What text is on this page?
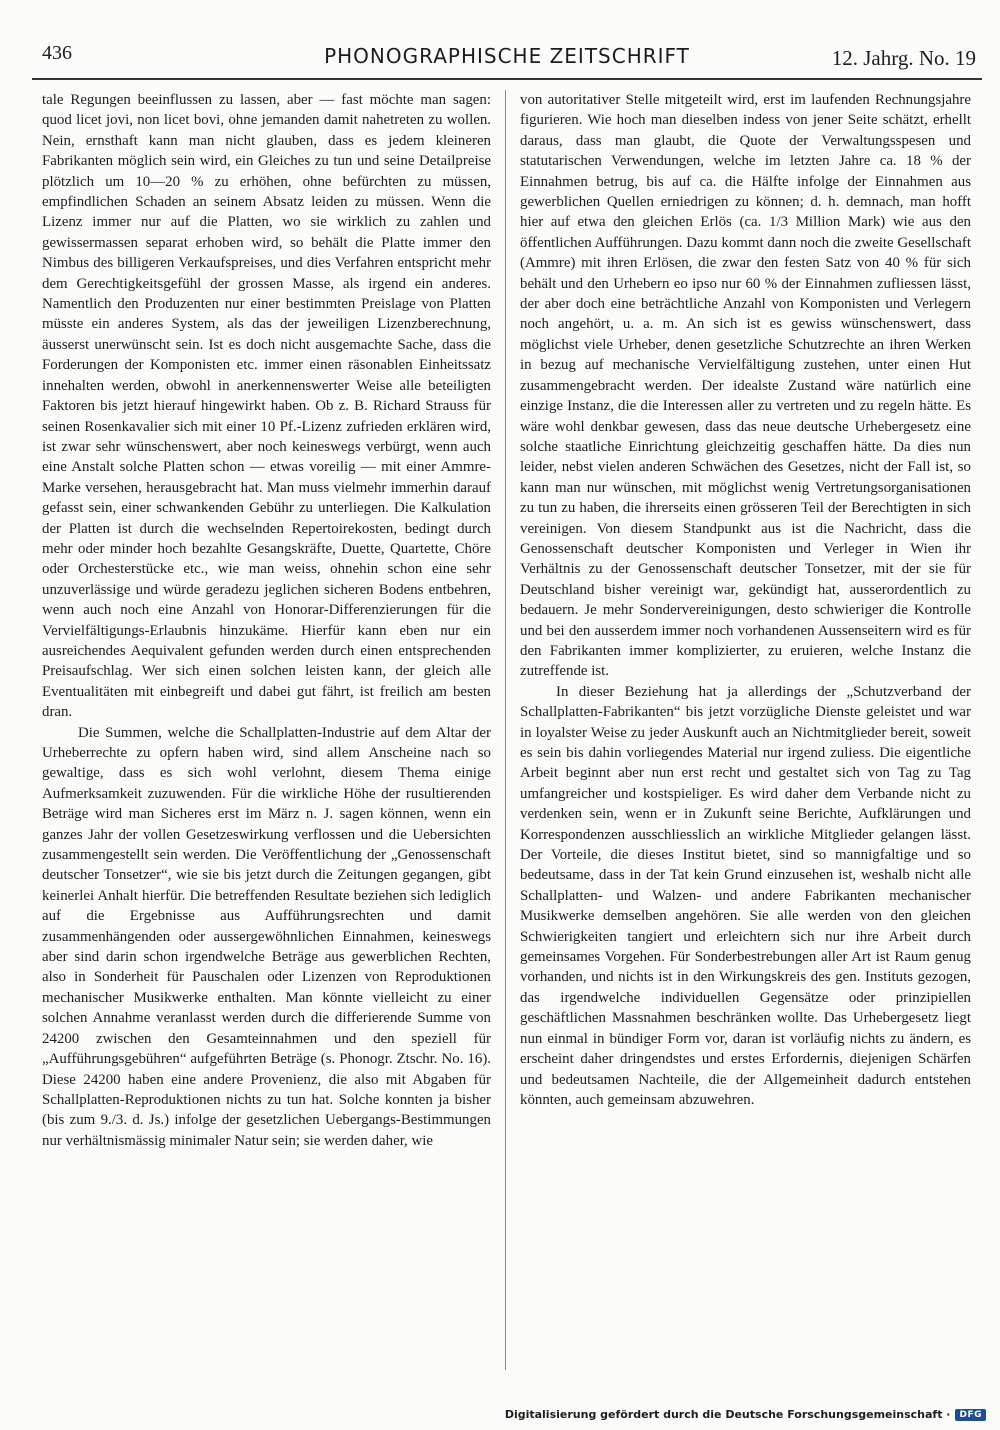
436	PHONOGRAPHISCHE ZEITSCHRIFT	12. Jahrg. No. 19

tale Regungen beeinflussen zu lassen, aber — fast möchte man sagen: quod licet jovi, non licet bovi, ohne jemanden damit nahetreten zu wollen. Nein, ernsthaft kann man nicht glauben, dass es jedem kleineren Fabrikanten möglich sein wird, ein Gleiches zu tun und seine Detailpreise plötzlich um 10—20 % zu erhöhen, ohne befürchten zu müssen, empfindlichen Schaden an seinem Absatz leiden zu müssen. Wenn die Lizenz immer nur auf die Platten, wo sie wirklich zu zahlen und gewissermassen separat erhoben wird, so behält die Platte immer den Nimbus des billigeren Verkaufspreises, und dies Verfahren entspricht mehr dem Gerechtigkeitsgefühl der grossen Masse, als irgend ein anderes. Namentlich den Produzenten nur einer bestimmten Preislage von Platten müsste ein anderes System, als das der jeweiligen Lizenzberechnung, äusserst unerwünscht sein. Ist es doch nicht ausgemachte Sache, dass die Forderungen der Komponisten etc. immer einen räsonablen Einheitssatz innehalten werden, obwohl in anerkennenswerter Weise alle beteiligten Faktoren bis jetzt hierauf hingewirkt haben. Ob z. B. Richard Strauss für seinen Rosenkavalier sich mit einer 10 Pf.-Lizenz zufrieden erklären wird, ist zwar sehr wünschenswert, aber noch keineswegs verbürgt, wenn auch eine Anstalt solche Platten schon — etwas voreilig — mit einer Ammre-Marke versehen, herausgebracht hat. Man muss vielmehr immerhin darauf gefasst sein, einer schwankenden Gebühr zu unterliegen. Die Kalkulation der Platten ist durch die wechselnden Repertoirekosten, bedingt durch mehr oder minder hoch bezahlte Gesangskräfte, Duette, Quartette, Chöre oder Orchesterstücke etc., wie man weiss, ohnehin schon eine sehr unzuverlässige und würde geradezu jeglichen sicheren Bodens entbehren, wenn auch noch eine Anzahl von Honorar-Differenzierungen für die Vervielfältigungs-Erlaubnis hinzukäme. Hierfür kann eben nur ein ausreichendes Aequivalent gefunden werden durch einen entsprechenden Preisaufschlag. Wer sich einen solchen leisten kann, der gleich alle Eventualitäten mit einbegreift und dabei gut fährt, ist freilich am besten dran.

Die Summen, welche die Schallplatten-Industrie auf dem Altar der Urheberrechte zu opfern haben wird, sind allem Anscheine nach so gewaltige, dass es sich wohl verlohnt, diesem Thema einige Aufmerksamkeit zuzuwenden. Für die wirkliche Höhe der rusultierenden Beträge wird man Sicheres erst im März n. J. sagen können, wenn ein ganzes Jahr der vollen Gesetzeswirkung verflossen und die Uebersichten zusammengestellt sein werden. Die Veröffentlichung der „Genossenschaft deutscher Tonsetzer“, wie sie bis jetzt durch die Zeitungen gegangen, gibt keinerlei Anhalt hierfür. Die betreffenden Resultate beziehen sich lediglich auf die Ergebnisse aus Aufführungsrechten und damit zusammenhängenden oder aussergewöhnlichen Einnahmen, keineswegs aber sind darin schon irgendwelche Beträge aus gewerblichen Rechten, also in Sonderheit für Pauschalen oder Lizenzen von Reproduktionen mechanischer Musikwerke enthalten. Man könnte vielleicht zu einer solchen Annahme veranlasst werden durch die differierende Summe von 24200 zwischen den Gesamteinnahmen und den speziell für „Aufführungsgebühren“ aufgeführten Beträge (s. Phonogr. Ztschr. No. 16). Diese 24200 haben eine andere Provenienz, die also mit Abgaben für Schallplatten-Reproduktionen nichts zu tun hat. Solche konnten ja bisher (bis zum 9./3. d. Js.) infolge der gesetzlichen Uebergangs-Bestimmungen nur verhältnismässig minimaler Natur sein; sie werden daher, wie

von autoritativer Stelle mitgeteilt wird, erst im laufenden Rechnungsjahre figurieren. Wie hoch man dieselben indess von jener Seite schätzt, erhellt daraus, dass man glaubt, die Quote der Verwaltungsspesen und statutarischen Verwendungen, welche im letzten Jahre ca. 18 % der Einnahmen betrug, bis auf ca. die Hälfte infolge der Einnahmen aus gewerblichen Quellen erniedrigen zu können; d. h. demnach, man hofft hier auf etwa den gleichen Erlös (ca. 1/3 Million Mark) wie aus den öffentlichen Aufführungen. Dazu kommt dann noch die zweite Gesellschaft (Ammre) mit ihren Erlösen, die zwar den festen Satz von 40 % für sich behält und den Urhebern eo ipso nur 60 % der Einnahmen zufliessen lässt, der aber doch eine beträchtliche Anzahl von Komponisten und Verlegern noch angehört, u. a. m. An sich ist es gewiss wünschenswert, dass möglichst viele Urheber, denen gesetzliche Schutzrechte an ihren Werken in bezug auf mechanische Vervielfältigung zustehen, unter einen Hut zusammengebracht werden. Der idealste Zustand wäre natürlich eine einzige Instanz, die die Interessen aller zu vertreten und zu regeln hätte. Es wäre wohl denkbar gewesen, dass das neue deutsche Urhebergesetz eine solche staatliche Einrichtung gleichzeitig geschaffen hätte. Da dies nun leider, nebst vielen anderen Schwächen des Gesetzes, nicht der Fall ist, so kann man nur wünschen, mit möglichst wenig Vertretungsorganisationen zu tun zu haben, die ihrerseits einen grösseren Teil der Berechtigten in sich vereinigen. Von diesem Standpunkt aus ist die Nachricht, dass die Genossenschaft deutscher Komponisten und Verleger in Wien ihr Verhältnis zu der Genossenschaft deutscher Tonsetzer, mit der sie für Deutschland bisher vereinigt war, gekündigt hat, ausserordentlich zu bedauern. Je mehr Sondervereinigungen, desto schwieriger die Kontrolle und bei den ausserdem immer noch vorhandenen Aussenseitern wird es für den Fabrikanten immer komplizierter, zu eruieren, welche Instanz die zutreffende ist.

In dieser Beziehung hat ja allerdings der „Schutzverband der Schallplatten-Fabrikanten“ bis jetzt vorzügliche Dienste geleistet und war in loyalster Weise zu jeder Auskunft auch an Nichtmitglieder bereit, soweit es sein bis dahin vorliegendes Material nur irgend zuliess. Die eigentliche Arbeit beginnt aber nun erst recht und gestaltet sich von Tag zu Tag umfangreicher und kostspieliger. Es wird daher dem Verbande nicht zu verdenken sein, wenn er in Zukunft seine Berichte, Aufklärungen und Korrespondenzen ausschliesslich an wirkliche Mitglieder gelangen lässt. Der Vorteile, die dieses Institut bietet, sind so mannigfaltige und so bedeutsame, dass in der Tat kein Grund einzusehen ist, weshalb nicht alle Schallplatten- und Walzen- und andere Fabrikanten mechanischer Musikwerke demselben angehören. Sie alle werden von den gleichen Schwierigkeiten tangiert und erleichtern sich nur ihre Arbeit durch gemeinsames Vorgehen. Für Sonderbestrebungen aller Art ist Raum genug vorhanden, und nichts ist in den Wirkungskreis des gen. Instituts gezogen, das irgendwelche individuellen Gegensätze oder prinzipiellen geschäftlichen Massnahmen beschränken wollte. Das Urhebergesetz liegt nun einmal in bündiger Form vor, daran ist vorläufig nichts zu ändern, es erscheint daher dringendstes und erstes Erfordernis, diejenigen Schärfen und bedeutsamen Nachteile, die der Allgemeinheit dadurch entstehen könnten, auch gemeinsam abzuwehren.

Digitalisierung gefördert durch die Deutsche Forschungsgemeinschaft ·	DFG
